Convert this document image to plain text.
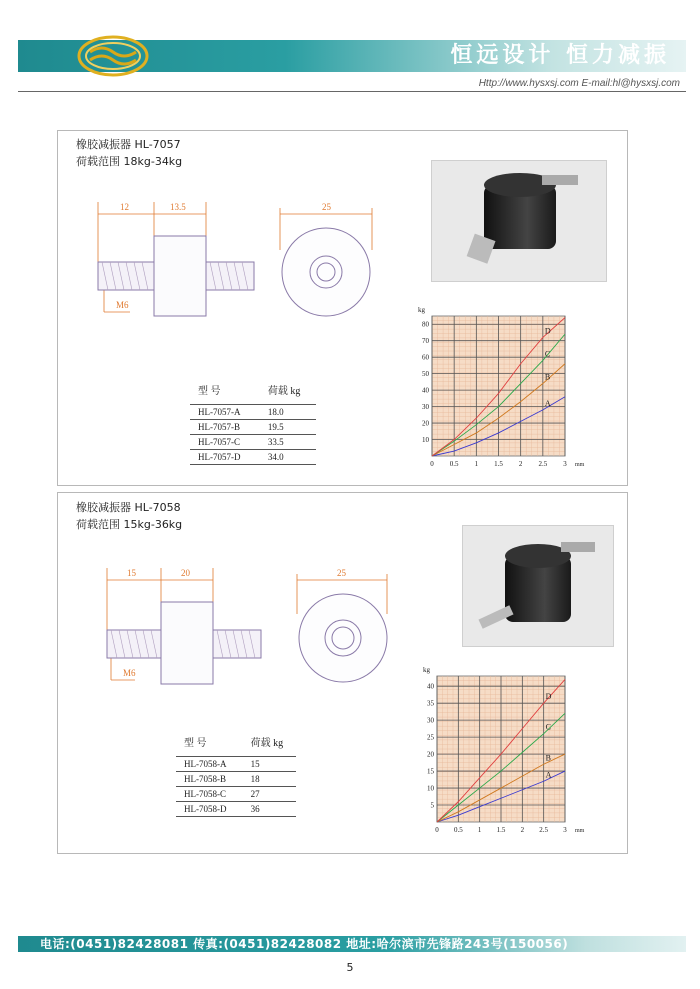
恒远设计 恒力减振
Http://www.hysxsj.com E-mail:hl@hysxsj.com
橡胶减振器 HL-7057
荷载范围 18kg-34kg
12	13.5	25
M6
型 号	荷载 kg
HL-7057-A	18.0
HL-7057-B	19.5
HL-7057-C	33.5
HL-7057-D	34.0
0 0.5 1 1.5 2 2.5 3
10
20
30
40
50
60
70
80
kg
mm
A
B
C
D
橡胶减振器 HL-7058
荷载范围 15kg-36kg
15	20	25
M6
型 号	荷载 kg
HL-7058-A	15
HL-7058-B	18
HL-7058-C	27
HL-7058-D	36
0 0.5 1 1.5 2 2.5 3
5
10
15
20
25
30
35
40
kg
mm
A
B
C
D
电话:(0451)82428081 传真:(0451)82428082 地址:哈尔滨市先锋路243号(150056)
5
